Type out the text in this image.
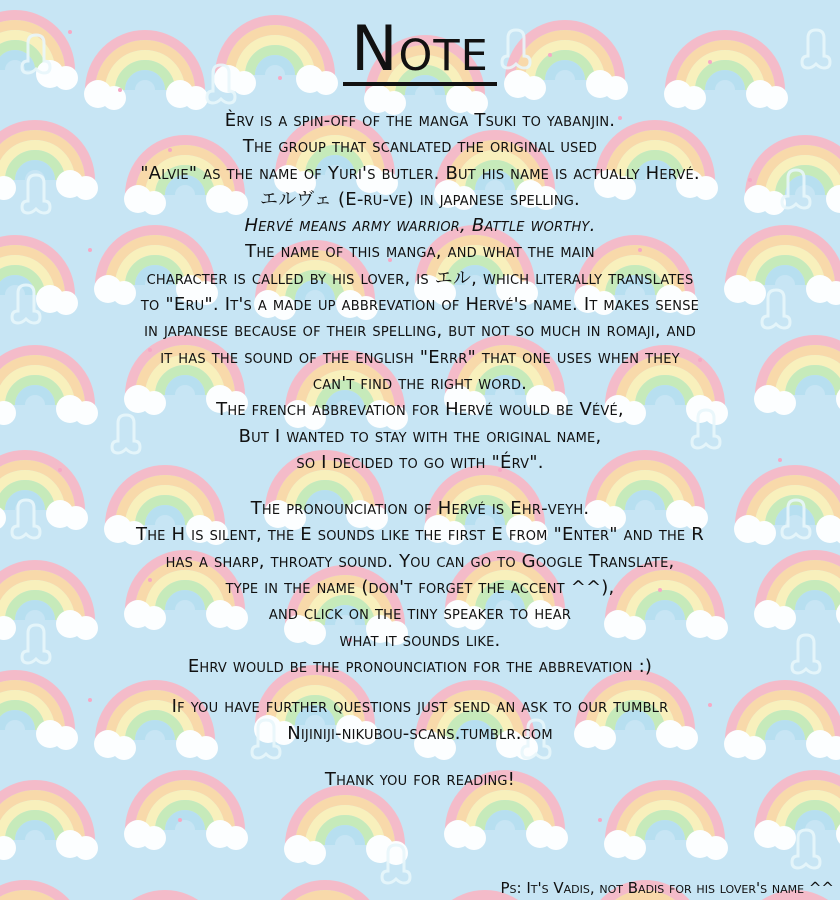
Note
Èrv is a spin-off of the manga Tsuki to yabanjin.
The group that scanlated the original used
"Alvie" as the name of Yuri's butler. But his name is actually Hervé.
エルヴェ (E-ru-ve) in japanese spelling.
Hervé means army warrior, Battle worthy.
The name of this manga, and what the main
character is called by his lover, is エル, which literally translates
to "Eru". It's a made up abbrevation of Hervé's name. It makes sense
in japanese because of their spelling, but not so much in romaji, and
it has the sound of the english "Errr" that one uses when they
can't find the right word.
The french abbrevation for Hervé would be Vévé,
But I wanted to stay with the original name,
so I decided to go with "Érv".
The pronounciation of Hervé is Ehr-veyh.
The H is silent, the E sounds like the first E from "Enter" and the R
has a sharp, throaty sound. You can go to Google Translate,
type in the name (don't forget the accent ^^),
and click on the tiny speaker to hear
what it sounds like.
Ehrv would be the pronounciation for the abbrevation :)
If you have further questions just send an ask to our tumblr
Nijiniji-nikubou-scans.tumblr.com
Thank you for reading!
Ps: It's Vadis, not Badis for his lover's name ^^
